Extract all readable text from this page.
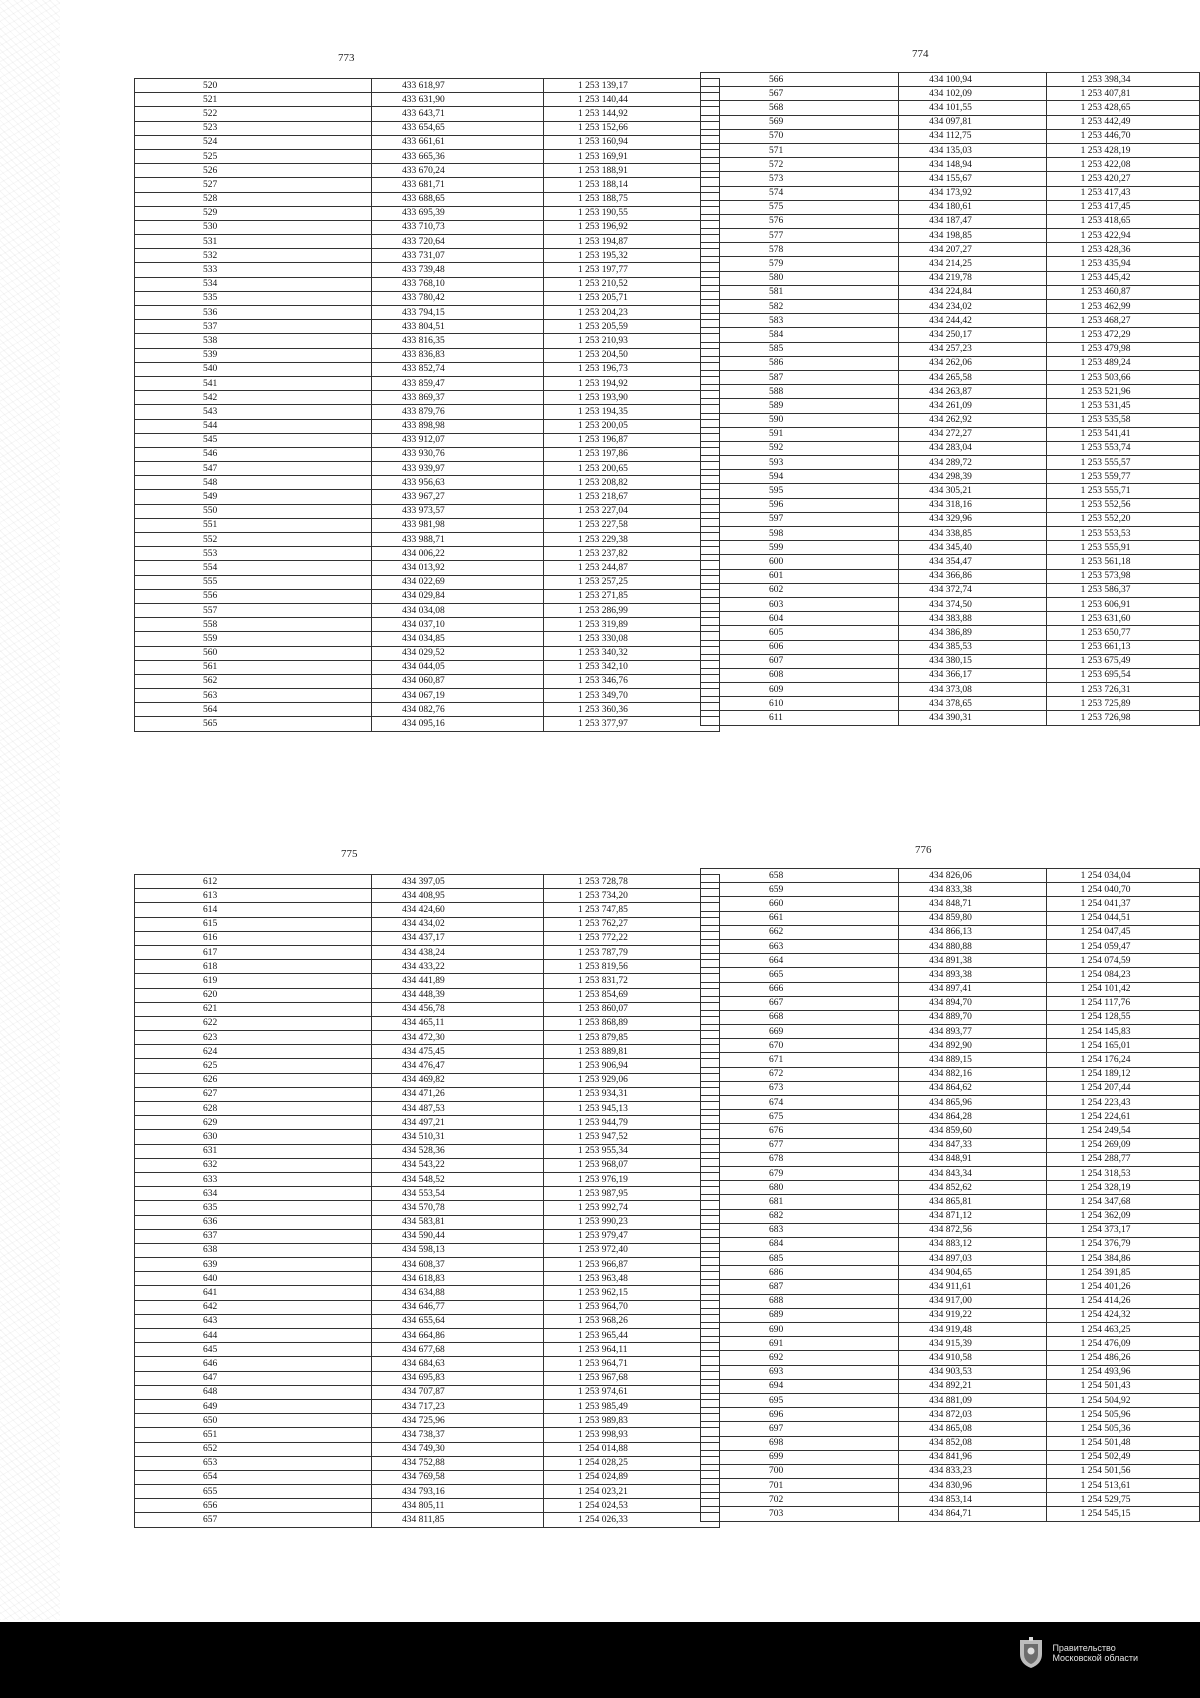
773	774
775	776
520	433 618,97	1 253 139,17
521	433 631,90	1 253 140,44
522	433 643,71	1 253 144,92
523	433 654,65	1 253 152,66
524	433 661,61	1 253 160,94
525	433 665,36	1 253 169,91
526	433 670,24	1 253 188,91
527	433 681,71	1 253 188,14
528	433 688,65	1 253 188,75
529	433 695,39	1 253 190,55
530	433 710,73	1 253 196,92
531	433 720,64	1 253 194,87
532	433 731,07	1 253 195,32
533	433 739,48	1 253 197,77
534	433 768,10	1 253 210,52
535	433 780,42	1 253 205,71
536	433 794,15	1 253 204,23
537	433 804,51	1 253 205,59
538	433 816,35	1 253 210,93
539	433 836,83	1 253 204,50
540	433 852,74	1 253 196,73
541	433 859,47	1 253 194,92
542	433 869,37	1 253 193,90
543	433 879,76	1 253 194,35
544	433 898,98	1 253 200,05
545	433 912,07	1 253 196,87
546	433 930,76	1 253 197,86
547	433 939,97	1 253 200,65
548	433 956,63	1 253 208,82
549	433 967,27	1 253 218,67
550	433 973,57	1 253 227,04
551	433 981,98	1 253 227,58
552	433 988,71	1 253 229,38
553	434 006,22	1 253 237,82
554	434 013,92	1 253 244,87
555	434 022,69	1 253 257,25
556	434 029,84	1 253 271,85
557	434 034,08	1 253 286,99
558	434 037,10	1 253 319,89
559	434 034,85	1 253 330,08
560	434 029,52	1 253 340,32
561	434 044,05	1 253 342,10
562	434 060,87	1 253 346,76
563	434 067,19	1 253 349,70
564	434 082,76	1 253 360,36
565	434 095,16	1 253 377,97
566	434 100,94	1 253 398,34
567	434 102,09	1 253 407,81
568	434 101,55	1 253 428,65
569	434 097,81	1 253 442,49
570	434 112,75	1 253 446,70
571	434 135,03	1 253 428,19
572	434 148,94	1 253 422,08
573	434 155,67	1 253 420,27
574	434 173,92	1 253 417,43
575	434 180,61	1 253 417,45
576	434 187,47	1 253 418,65
577	434 198,85	1 253 422,94
578	434 207,27	1 253 428,36
579	434 214,25	1 253 435,94
580	434 219,78	1 253 445,42
581	434 224,84	1 253 460,87
582	434 234,02	1 253 462,99
583	434 244,42	1 253 468,27
584	434 250,17	1 253 472,29
585	434 257,23	1 253 479,98
586	434 262,06	1 253 489,24
587	434 265,58	1 253 503,66
588	434 263,87	1 253 521,96
589	434 261,09	1 253 531,45
590	434 262,92	1 253 535,58
591	434 272,27	1 253 541,41
592	434 283,04	1 253 553,74
593	434 289,72	1 253 555,57
594	434 298,39	1 253 559,77
595	434 305,21	1 253 555,71
596	434 318,16	1 253 552,56
597	434 329,96	1 253 552,20
598	434 338,85	1 253 553,53
599	434 345,40	1 253 555,91
600	434 354,47	1 253 561,18
601	434 366,86	1 253 573,98
602	434 372,74	1 253 586,37
603	434 374,50	1 253 606,91
604	434 383,88	1 253 631,60
605	434 386,89	1 253 650,77
606	434 385,53	1 253 661,13
607	434 380,15	1 253 675,49
608	434 366,17	1 253 695,54
609	434 373,08	1 253 726,31
610	434 378,65	1 253 725,89
611	434 390,31	1 253 726,98
612	434 397,05	1 253 728,78
613	434 408,95	1 253 734,20
614	434 424,60	1 253 747,85
615	434 434,02	1 253 762,27
616	434 437,17	1 253 772,22
617	434 438,24	1 253 787,79
618	434 433,22	1 253 819,56
619	434 441,89	1 253 831,72
620	434 448,39	1 253 854,69
621	434 456,78	1 253 860,07
622	434 465,11	1 253 868,89
623	434 472,30	1 253 879,85
624	434 475,45	1 253 889,81
625	434 476,47	1 253 906,94
626	434 469,82	1 253 929,06
627	434 471,26	1 253 934,31
628	434 487,53	1 253 945,13
629	434 497,21	1 253 944,79
630	434 510,31	1 253 947,52
631	434 528,36	1 253 955,34
632	434 543,22	1 253 968,07
633	434 548,52	1 253 976,19
634	434 553,54	1 253 987,95
635	434 570,78	1 253 992,74
636	434 583,81	1 253 990,23
637	434 590,44	1 253 979,47
638	434 598,13	1 253 972,40
639	434 608,37	1 253 966,87
640	434 618,83	1 253 963,48
641	434 634,88	1 253 962,15
642	434 646,77	1 253 964,70
643	434 655,64	1 253 968,26
644	434 664,86	1 253 965,44
645	434 677,68	1 253 964,11
646	434 684,63	1 253 964,71
647	434 695,83	1 253 967,68
648	434 707,87	1 253 974,61
649	434 717,23	1 253 985,49
650	434 725,96	1 253 989,83
651	434 738,37	1 253 998,93
652	434 749,30	1 254 014,88
653	434 752,88	1 254 028,25
654	434 769,58	1 254 024,89
655	434 793,16	1 254 023,21
656	434 805,11	1 254 024,53
657	434 811,85	1 254 026,33
658	434 826,06	1 254 034,04
659	434 833,38	1 254 040,70
660	434 848,71	1 254 041,37
661	434 859,80	1 254 044,51
662	434 866,13	1 254 047,45
663	434 880,88	1 254 059,47
664	434 891,38	1 254 074,59
665	434 893,38	1 254 084,23
666	434 897,41	1 254 101,42
667	434 894,70	1 254 117,76
668	434 889,70	1 254 128,55
669	434 893,77	1 254 145,83
670	434 892,90	1 254 165,01
671	434 889,15	1 254 176,24
672	434 882,16	1 254 189,12
673	434 864,62	1 254 207,44
674	434 865,96	1 254 223,43
675	434 864,28	1 254 224,61
676	434 859,60	1 254 249,54
677	434 847,33	1 254 269,09
678	434 848,91	1 254 288,77
679	434 843,34	1 254 318,53
680	434 852,62	1 254 328,19
681	434 865,81	1 254 347,68
682	434 871,12	1 254 362,09
683	434 872,56	1 254 373,17
684	434 883,12	1 254 376,79
685	434 897,03	1 254 384,86
686	434 904,65	1 254 391,85
687	434 911,61	1 254 401,26
688	434 917,00	1 254 414,26
689	434 919,22	1 254 424,32
690	434 919,48	1 254 463,25
691	434 915,39	1 254 476,09
692	434 910,58	1 254 486,26
693	434 903,53	1 254 493,96
694	434 892,21	1 254 501,43
695	434 881,09	1 254 504,92
696	434 872,03	1 254 505,96
697	434 865,08	1 254 505,36
698	434 852,08	1 254 501,48
699	434 841,96	1 254 502,49
700	434 833,23	1 254 501,56
701	434 830,96	1 254 513,61
702	434 853,14	1 254 529,75
703	434 864,71	1 254 545,15
Правительство
Московской области
